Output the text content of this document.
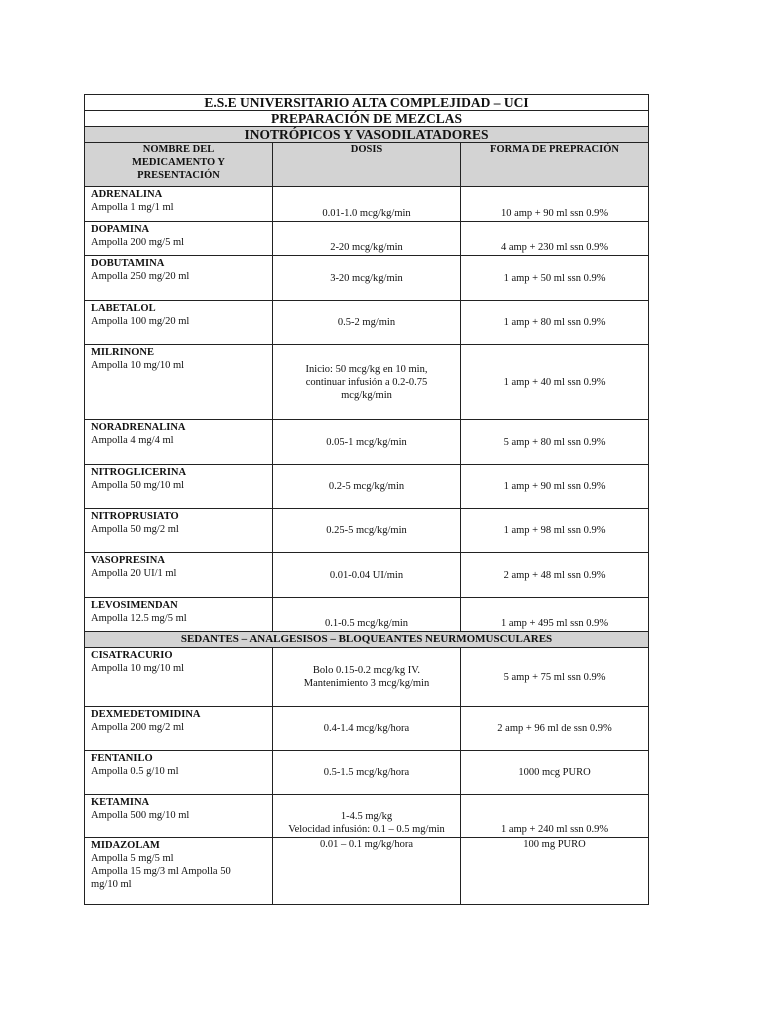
E.S.E UNIVERSITARIO ALTA COMPLEJIDAD – UCI		
PREPARACIÓN DE MEZCLAS		
INOTRÓPICOS Y VASODILATADORES		
NOMBRE DEL MEDICAMENTO Y PRESENTACIÓN	DOSIS	FORMA DE PREPRACIÓN

ADRENALINA
Ampolla 1 mg/1 ml	0.01-1.0 mcg/kg/min	10 amp + 90 ml ssn 0.9%

DOPAMINA
Ampolla 200 mg/5 ml	2-20 mcg/kg/min	4 amp + 230 ml ssn 0.9%

DOBUTAMINA
Ampolla 250 mg/20 ml	3-20 mcg/kg/min	1 amp + 50 ml ssn 0.9%

LABETALOL
Ampolla 100 mg/20 ml	0.5-2 mg/min	1 amp + 80 ml ssn 0.9%

MILRINONE
Ampolla 10 mg/10 ml	Inicio: 50 mcg/kg en 10 min,
continuar infusión a 0.2-0.75
mcg/kg/min	1 amp + 40 ml ssn 0.9%

NORADRENALINA
Ampolla 4 mg/4 ml	0.05-1 mcg/kg/min	5 amp + 80 ml ssn 0.9%

NITROGLICERINA
Ampolla 50 mg/10 ml	0.2-5 mcg/kg/min	1 amp + 90 ml ssn 0.9%

NITROPRUSIATO
Ampolla 50 mg/2 ml	0.25-5 mcg/kg/min	1 amp + 98 ml ssn 0.9%

VASOPRESINA
Ampolla 20 UI/1 ml	0.01-0.04 UI/min	2 amp + 48 ml ssn 0.9%

LEVOSIMENDAN
Ampolla 12.5 mg/5 ml	0.1-0.5 mcg/kg/min	1 amp + 495 ml ssn 0.9%
SEDANTES – ANALGESISOS – BLOQUEANTES NEURMOMUSCULARES		

CISATRACURIO
Ampolla 10 mg/10 ml	Bolo 0.15-0.2 mcg/kg IV.
Mantenimiento 3 mcg/kg/min	5 amp + 75 ml ssn 0.9%

DEXMEDETOMIDINA
Ampolla 200 mg/2 ml	0.4-1.4 mcg/kg/hora	2 amp + 96 ml de ssn 0.9%

FENTANILO
Ampolla 0.5 g/10 ml	0.5-1.5 mcg/kg/hora	1000 mcg PURO

KETAMINA
Ampolla 500 mg/10 ml	1-4.5 mg/kg
Velocidad infusión: 0.1 – 0.5 mg/min	1 amp + 240 ml ssn 0.9%

MIDAZOLAM
Ampolla 5 mg/5 ml
Ampolla 15 mg/3 ml Ampolla 50
mg/10 ml	0.01 – 0.1 mg/kg/hora	100 mg PURO
